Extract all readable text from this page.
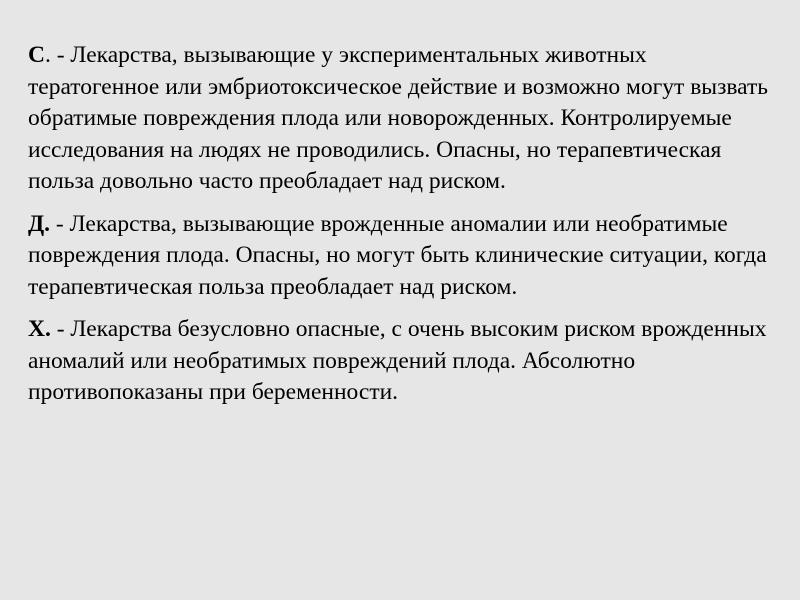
С. - Лекарства, вызывающие у экспериментальных животных тератогенное или эмбриотоксическое действие и возможно могут вызвать обратимые повреждения плода или новорожденных. Контролируемые исследования на людях не проводились. Опасны, но терапевтическая польза довольно часто преобладает над риском.

Д. - Лекарства, вызывающие врожденные аномалии или необратимые повреждения плода. Опасны, но могут быть клинические ситуации, когда терапевтическая польза преобладает над риском.

Х. - Лекарства безусловно опасные, с очень высоким риском врожденных аномалий или необратимых повреждений плода. Абсолютно противопоказаны при беременности.
